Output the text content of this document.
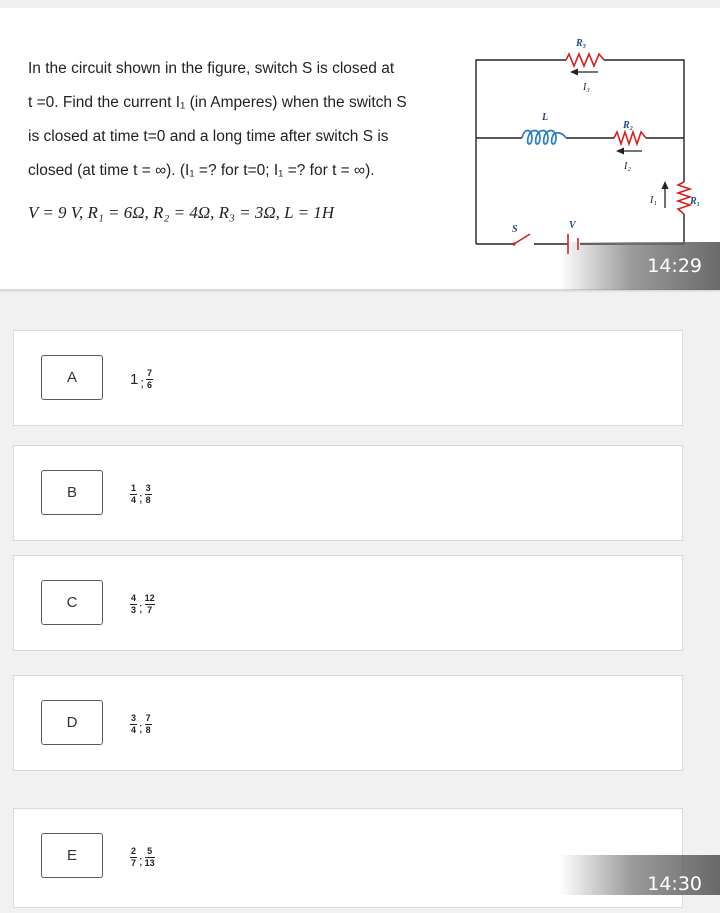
In the circuit shown in the figure, switch S is closed at

t =0. Find the current I₁ (in Amperes) when the switch S

is closed at time t=0 and a long time after switch S is

closed (at time t = ∞). (I₁ =? for t=0; I₁ =? for t = ∞).

V = 9 V, R₁ = 6Ω, R₂ = 4Ω, R₃ = 3Ω, L = 1H

R₃
I₃
L
R₂
I₂
I₁	R₁
S	V
14:29
A	1 ; $\frac{7}{6}$
B	$\frac{1}{4}$ ; $\frac{3}{8}$
C	$\frac{4}{3}$ ; $\frac{12}{7}$
D	$\frac{3}{4}$ ; $\frac{7}{8}$
E	$\frac{2}{7}$ ; $\frac{5}{13}$
14:30
